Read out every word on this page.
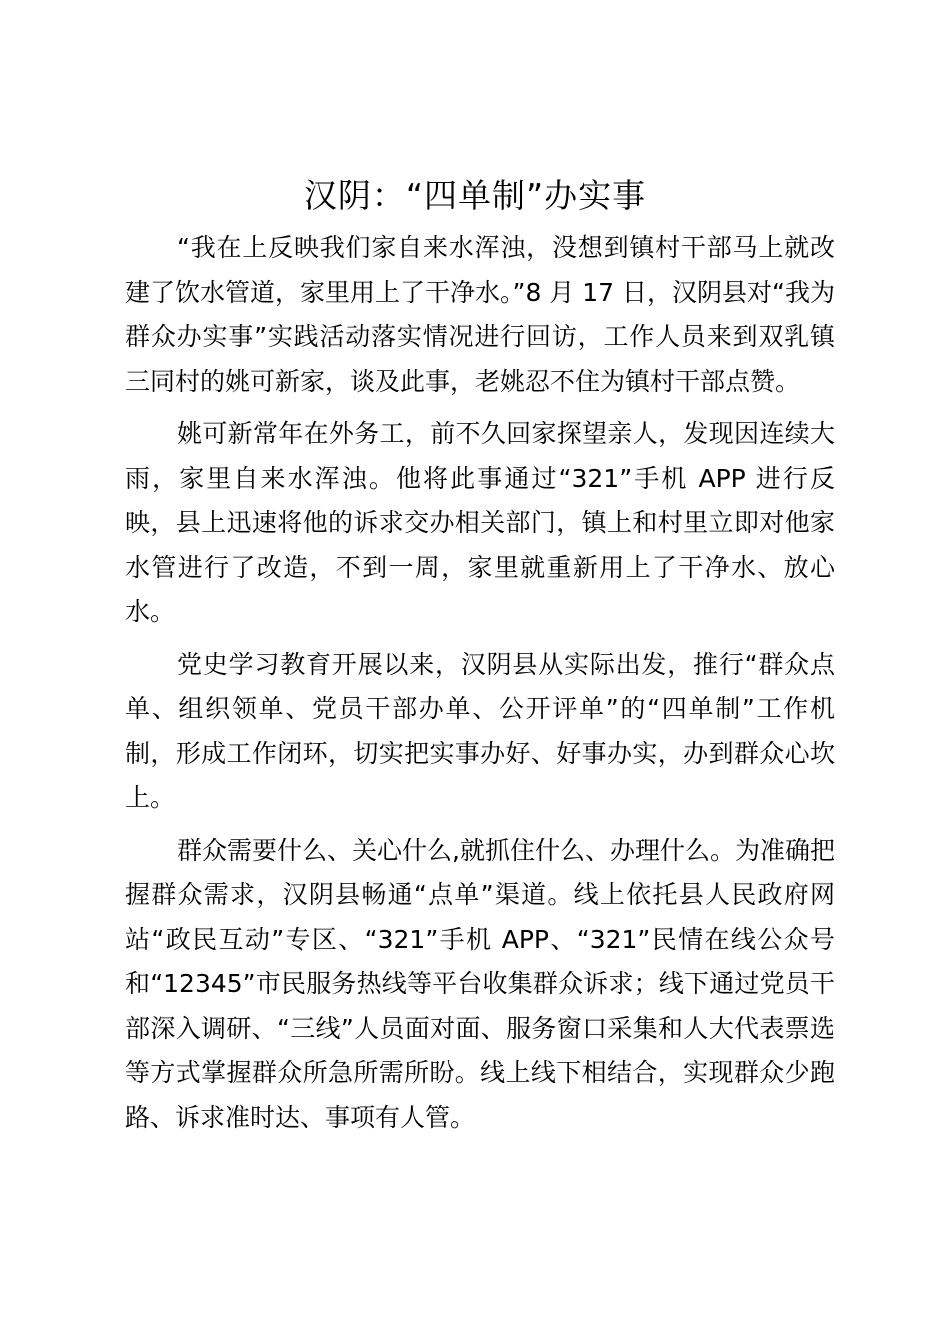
汉阴：“四单制”办实事

“我在上反映我们家自来水浑浊，没想到镇村干部马上就改建了饮水管道，家里用上了干净水。”8 月 17 日，汉阴县对“我为群众办实事”实践活动落实情况进行回访，工作人员来到双乳镇三同村的姚可新家，谈及此事，老姚忍不住为镇村干部点赞。

姚可新常年在外务工，前不久回家探望亲人，发现因连续大雨，家里自来水浑浊。他将此事通过“321”手机 APP 进行反映，县上迅速将他的诉求交办相关部门，镇上和村里立即对他家水管进行了改造，不到一周，家里就重新用上了干净水、放心水。

党史学习教育开展以来，汉阴县从实际出发，推行“群众点单、组织领单、党员干部办单、公开评单”的“四单制”工作机制，形成工作闭环，切实把实事办好、好事办实，办到群众心坎上。

群众需要什么、关心什么,就抓住什么、办理什么。为准确把握群众需求，汉阴县畅通“点单”渠道。线上依托县人民政府网站“政民互动”专区、“321”手机 APP、“321”民情在线公众号和“12345”市民服务热线等平台收集群众诉求；线下通过党员干部深入调研、“三线”人员面对面、服务窗口采集和人大代表票选等方式掌握群众所急所需所盼。线上线下相结合，实现群众少跑路、诉求准时达、事项有人管。
